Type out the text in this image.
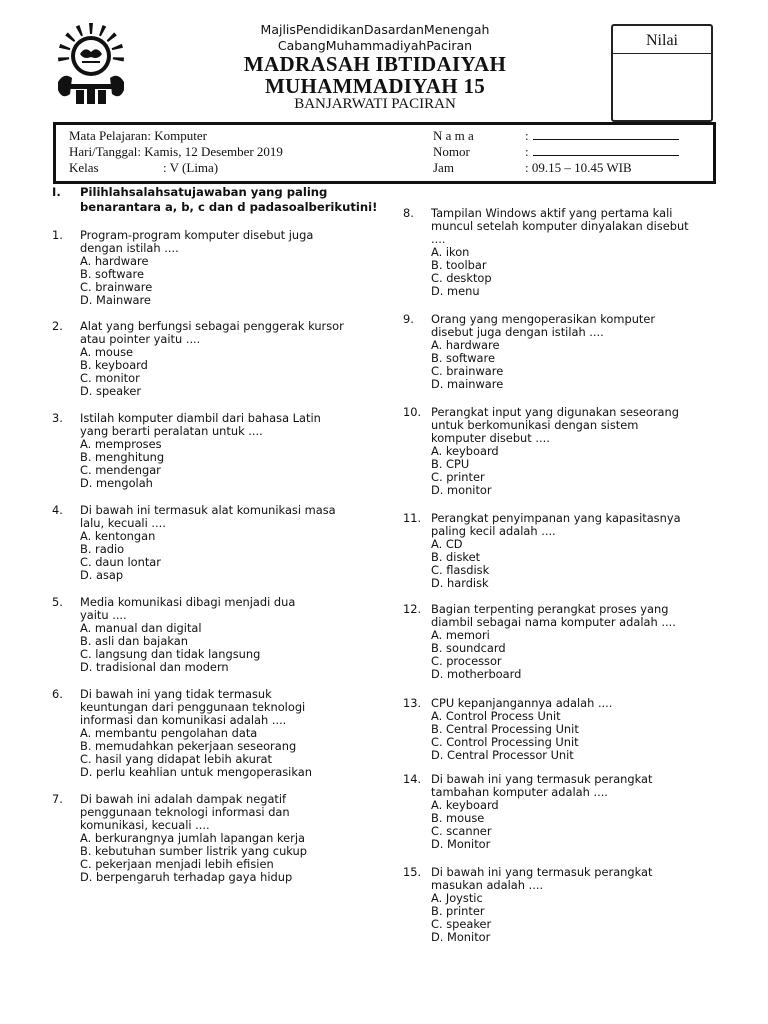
MajlisPendidikanDasardanMenengah
CabangMuhammadiyahPaciran
MADRASAH IBTIDAIYAH
MUHAMMADIYAH 15
BANJARWATI PACIRAN
Nilai
Mata Pelajaran: Komputer
Hari/Tanggal: Kamis, 12 Desember 2019
Kelas	: V (Lima)
N a m a	:
Nomor	:
Jam	: 09.15 – 10.45 WIB
I. Pilihlahsalahsatujawaban yang paling benarantara a, b, c dan d padasoalberikutini!
1. Program-program komputer disebut juga
dengan istilah ....
A. hardware
B. software
C. brainware
D. Mainware
2. Alat yang berfungsi sebagai penggerak kursor
atau pointer yaitu ....
A. mouse
B. keyboard
C. monitor
D. speaker
3. Istilah komputer diambil dari bahasa Latin
yang berarti peralatan untuk ....
A. memproses
B. menghitung
C. mendengar
D. mengolah
4. Di bawah ini termasuk alat komunikasi masa
lalu, kecuali ....
A. kentongan
B. radio
C. daun lontar
D. asap
5. Media komunikasi dibagi menjadi dua
yaitu ....
A. manual dan digital
B. asli dan bajakan
C. langsung dan tidak langsung
D. tradisional dan modern
6. Di bawah ini yang tidak termasuk
keuntungan dari penggunaan teknologi
informasi dan komunikasi adalah ....
A. membantu pengolahan data
B. memudahkan pekerjaan seseorang
C. hasil yang didapat lebih akurat
D. perlu keahlian untuk mengoperasikan
7. Di bawah ini adalah dampak negatif
penggunaan teknologi informasi dan
komunikasi, kecuali ....
A. berkurangnya jumlah lapangan kerja
B. kebutuhan sumber listrik yang cukup
C. pekerjaan menjadi lebih efisien
D. berpengaruh terhadap gaya hidup
8. Tampilan Windows aktif yang pertama kali
muncul setelah komputer dinyalakan disebut
....
A. ikon
B. toolbar
C. desktop
D. menu
9. Orang yang mengoperasikan komputer
disebut juga dengan istilah ....
A. hardware
B. software
C. brainware
D. mainware
10. Perangkat input yang digunakan seseorang
untuk berkomunikasi dengan sistem
komputer disebut ....
A. keyboard
B. CPU
C. printer
D. monitor
11. Perangkat penyimpanan yang kapasitasnya
paling kecil adalah ....
A. CD
B. disket
C. flasdisk
D. hardisk
12. Bagian terpenting perangkat proses yang
diambil sebagai nama komputer adalah ....
A. memori
B. soundcard
C. processor
D. motherboard
13. CPU kepanjangannya adalah ....
A. Control Process Unit
B. Central Processing Unit
C. Control Processing Unit
D. Central Processor Unit
14. Di bawah ini yang termasuk perangkat
tambahan komputer adalah ....
A. keyboard
B. mouse
C. scanner
D. Monitor
15. Di bawah ini yang termasuk perangkat
masukan adalah ....
A. Joystic
B. printer
C. speaker
D. Monitor
